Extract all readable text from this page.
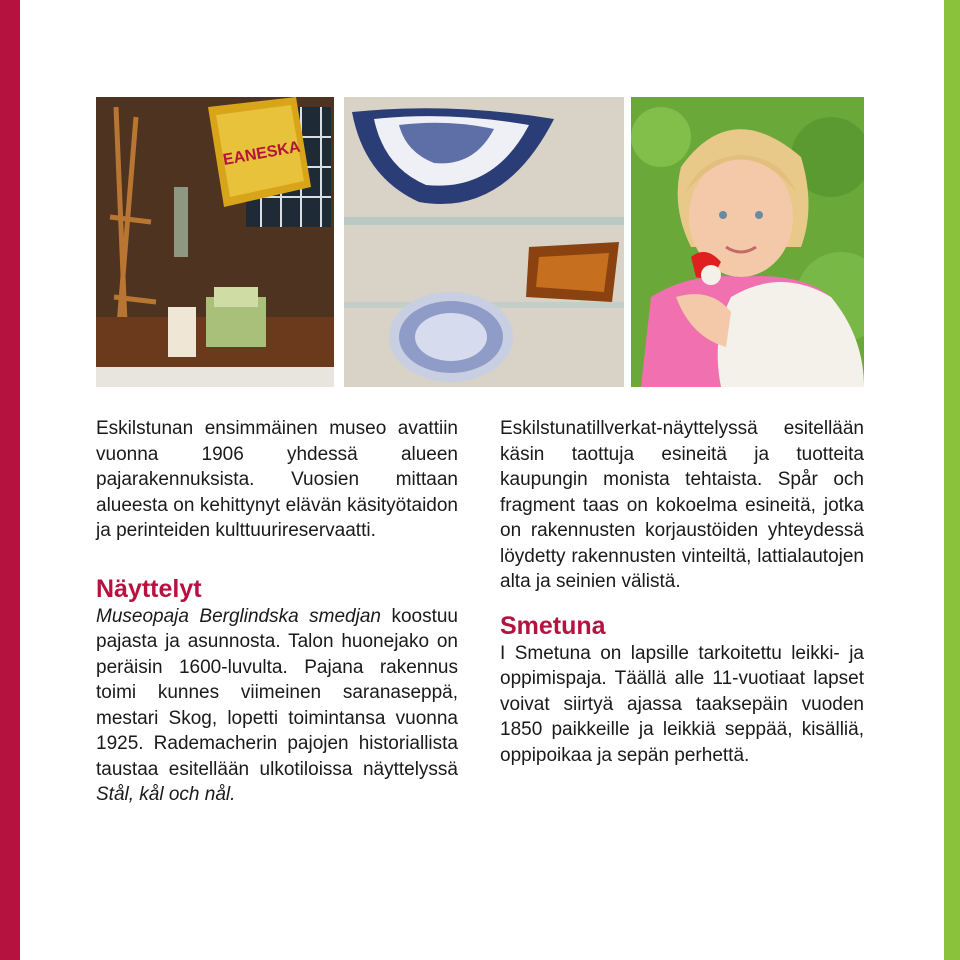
EANESKA

Eskilstunan ensimmäinen museo avattiin vuonna 1906 yhdessä alueen pajarakennuksista. Vuosien mittaan alueesta on kehittynyt elävän käsityötaidon ja perinteiden kulttuurireservaatti.

Näyttelyt

Museopaja Berglindska smedjan koostuu pajasta ja asunnosta. Talon huonejako on peräisin 1600-luvulta. Pajana rakennus toimi kunnes viimeinen saranaseppä, mestari Skog, lopetti toimintansa vuonna 1925. Rademacherin pajojen historiallista taustaa esitellään ulkotiloissa näyttelyssä Stål, kål och nål.

Eskilstunatillverkat-näyttelyssä esitellään käsin taottuja esineitä ja tuotteita kaupungin monista tehtaista. Spår och fragment taas on kokoelma esineitä, jotka on rakennusten korjaustöiden yhteydessä löydetty rakennusten vinteiltä, lattialautojen alta ja seinien välistä.

Smetuna

I Smetuna on lapsille tarkoitettu leikki- ja oppimispaja. Täällä alle 11-vuotiaat lapset voivat siirtyä ajassa taaksepäin vuoden 1850 paikkeille ja leikkiä seppää, kisälliä, oppipoikaa ja sepän perhettä.
